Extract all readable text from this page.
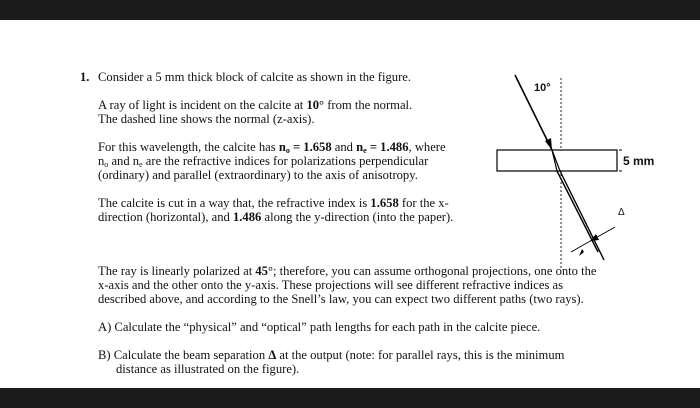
1. Consider a 5 mm thick block of calcite as shown in the figure.

A ray of light is incident on the calcite at 10° from the normal.

The dashed line shows the normal (z-axis).

For this wavelength, the calcite has $n_o = 1.658$ and $n_e = 1.486$, where

$n_o$ and $n_e$ are the refractive indices for polarizations perpendicular

(ordinary) and parallel (extraordinary) to the axis of anisotropy.

The calcite is cut in a way that, the refractive index is 1.658 for the x-

direction (horizontal), and 1.486 along the y-direction (into the paper).

The ray is linearly polarized at 45°; therefore, you can assume orthogonal projections, one onto the

x-axis and the other onto the y-axis. These projections will see different refractive indices as

described above, and according to the Snell’s law, you can expect two different paths (two rays).

A) Calculate the “physical” and “optical” path lengths for each path in the calcite piece.

B) Calculate the beam separation Δ at the output (note: for parallel rays, this is the minimum

distance as illustrated on the figure).

10°
5 mm
Δ
